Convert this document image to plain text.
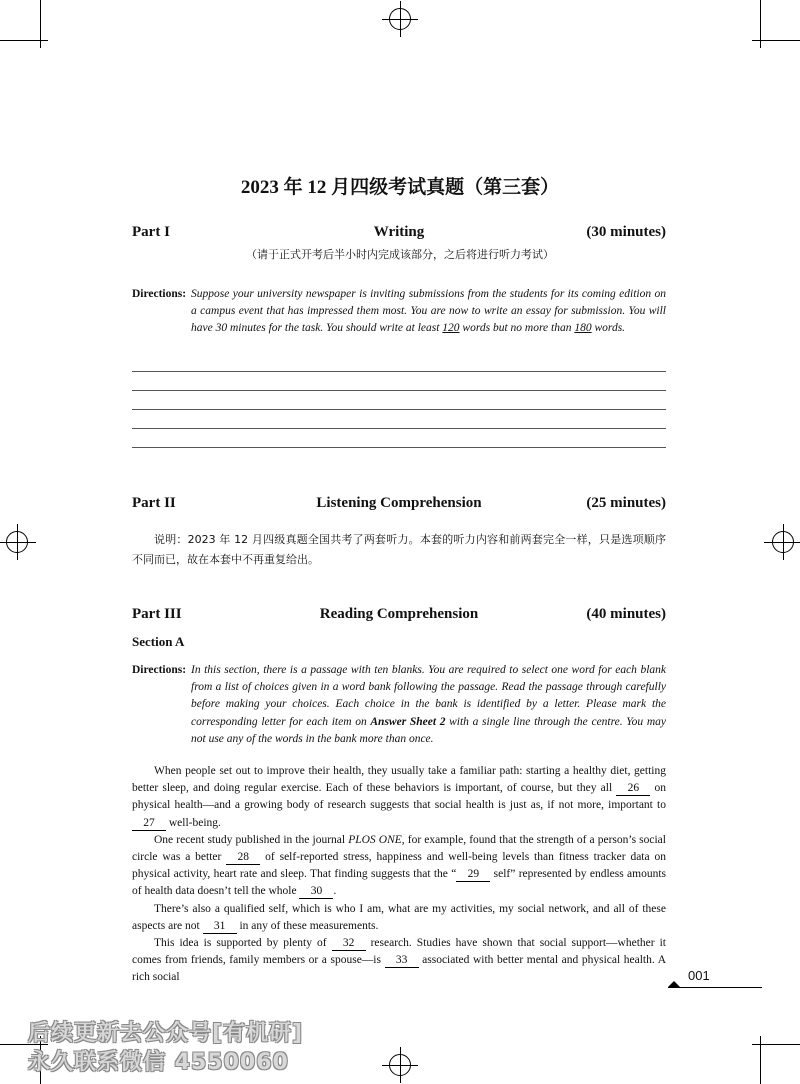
2023 年 12 月四级考试真题（第三套）
Part I	Writing	(30 minutes)
（请于正式开考后半小时内完成该部分，之后将进行听力考试）
Directions: Suppose your university newspaper is inviting submissions from the students for its coming edition on a campus event that has impressed them most. You are now to write an essay for submission. You will have 30 minutes for the task. You should write at least 120 words but no more than 180 words.
Part II	Listening Comprehension	(25 minutes)
说明：2023 年 12 月四级真题全国共考了两套听力。本套的听力内容和前两套完全一样，只是选项顺序不同而已，故在本套中不再重复给出。
Part III	Reading Comprehension	(40 minutes)
Section A
Directions: In this section, there is a passage with ten blanks. You are required to select one word for each blank from a list of choices given in a word bank following the passage. Read the passage through carefully before making your choices. Each choice in the bank is identified by a letter. Please mark the corresponding letter for each item on Answer Sheet 2 with a single line through the centre. You may not use any of the words in the bank more than once.

When people set out to improve their health, they usually take a familiar path: starting a healthy diet, getting better sleep, and doing regular exercise. Each of these behaviors is important, of course, but they all 26 on physical health—and a growing body of research suggests that social health is just as, if not more, important to 27 well-being.

One recent study published in the journal PLOS ONE, for example, found that the strength of a person’s social circle was a better 28 of self-reported stress, happiness and well-being levels than fitness tracker data on physical activity, heart rate and sleep. That finding suggests that the “ 29 self” represented by endless amounts of health data doesn’t tell the whole 30 .

There’s also a qualified self, which is who I am, what are my activities, my social network, and all of these aspects are not 31 in any of these measurements.

This idea is supported by plenty of 32 research. Studies have shown that social support—whether it comes from friends, family members or a spouse—is 33 associated with better mental and physical health. A rich social	001
后续更新去公众号[有机研]
永久联系微信 4550060
